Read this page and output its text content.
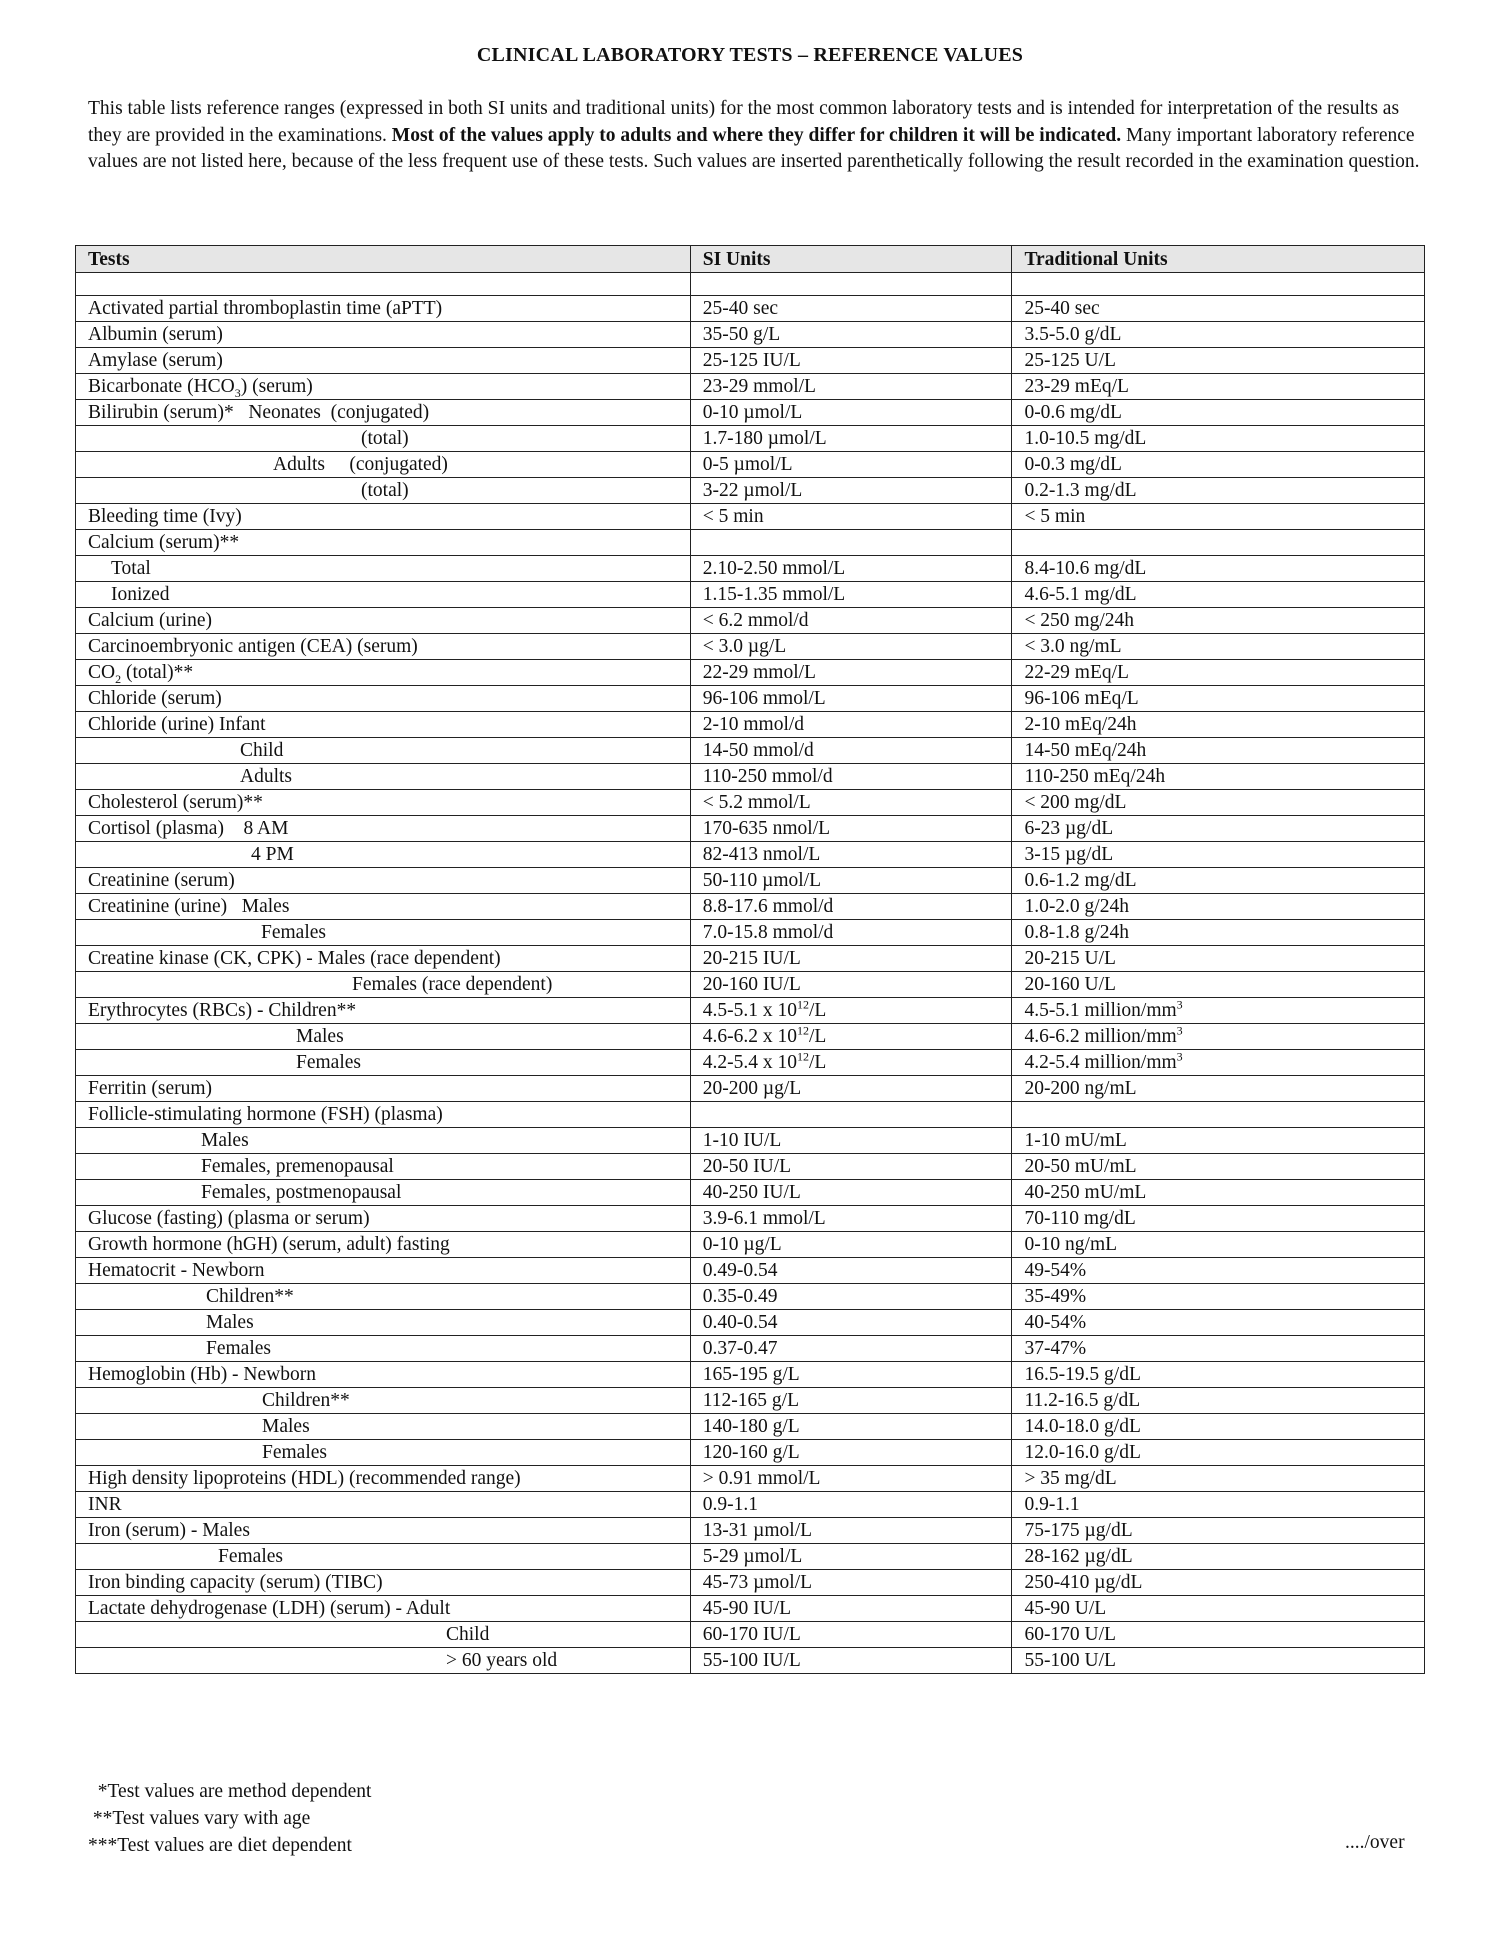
CLINICAL LABORATORY TESTS – REFERENCE VALUES
This table lists reference ranges (expressed in both SI units and traditional units) for the most common laboratory tests and is intended for interpretation of the results as they are provided in the examinations. Most of the values apply to adults and where they differ for children it will be indicated. Many important laboratory reference values are not listed here, because of the less frequent use of these tests. Such values are inserted parenthetically following the result recorded in the examination question.
Tests	SI Units	Traditional Units

Activated partial thromboplastin time (aPTT)	25-40 sec	25-40 sec
Albumin (serum)	35-50 g/L	3.5-5.0 g/dL
Amylase (serum)	25-125 IU/L	25-125 U/L
Bicarbonate $(HCO_3)$ (serum)	23-29 mmol/L	23-29 mEq/L
Bilirubin (serum)*   Neonates  (conjugated)	0-10 µmol/L	0-0.6 mg/dL
(total)	1.7-180 µmol/L	1.0-10.5 mg/dL
Adults     (conjugated)	0-5 µmol/L	0-0.3 mg/dL
(total)	3-22 µmol/L	0.2-1.3 mg/dL
Bleeding time (Ivy)	< 5 min	< 5 min
Calcium (serum)**		
Total	2.10-2.50 mmol/L	8.4-10.6 mg/dL
Ionized	1.15-1.35 mmol/L	4.6-5.1 mg/dL
Calcium (urine)	< 6.2 mmol/d	< 250 mg/24h
Carcinoembryonic antigen (CEA) (serum)	< 3.0 µg/L	< 3.0 ng/mL
$CO_2$ (total)**	22-29 mmol/L	22-29 mEq/L
Chloride (serum)	96-106 mmol/L	96-106 mEq/L
Chloride (urine) Infant	2-10 mmol/d	2-10 mEq/24h
Child	14-50 mmol/d	14-50 mEq/24h
Adults	110-250 mmol/d	110-250 mEq/24h
Cholesterol (serum)**	< 5.2 mmol/L	< 200 mg/dL
Cortisol (plasma)    8 AM	170-635 nmol/L	6-23 µg/dL
4 PM	82-413 nmol/L	3-15 µg/dL
Creatinine (serum)	50-110 µmol/L	0.6-1.2 mg/dL
Creatinine (urine)   Males	8.8-17.6 mmol/d	1.0-2.0 g/24h
Females	7.0-15.8 mmol/d	0.8-1.8 g/24h
Creatine kinase (CK, CPK) - Males (race dependent)	20-215 IU/L	20-215 U/L
Females (race dependent)	20-160 IU/L	20-160 U/L
Erythrocytes (RBCs) - Children**	4.5-5.1 x $10^{12}/L$	4.5-5.1 million/$mm^3$
Males	4.6-6.2 x $10^{12}/L$	4.6-6.2 million/$mm^3$
Females	4.2-5.4 x $10^{12}/L$	4.2-5.4 million/$mm^3$
Ferritin (serum)	20-200 µg/L	20-200 ng/mL
Follicle-stimulating hormone (FSH) (plasma)		
Males	1-10 IU/L	1-10 mU/mL
Females, premenopausal	20-50 IU/L	20-50 mU/mL
Females, postmenopausal	40-250 IU/L	40-250 mU/mL
Glucose (fasting) (plasma or serum)	3.9-6.1 mmol/L	70-110 mg/dL
Growth hormone (hGH) (serum, adult) fasting	0-10 µg/L	0-10 ng/mL
Hematocrit - Newborn	0.49-0.54	49-54%
Children**	0.35-0.49	35-49%
Males	0.40-0.54	40-54%
Females	0.37-0.47	37-47%
Hemoglobin (Hb) - Newborn	165-195 g/L	16.5-19.5 g/dL
Children**	112-165 g/L	11.2-16.5 g/dL
Males	140-180 g/L	14.0-18.0 g/dL
Females	120-160 g/L	12.0-16.0 g/dL
High density lipoproteins (HDL) (recommended range)	> 0.91 mmol/L	> 35 mg/dL
INR	0.9-1.1	0.9-1.1
Iron (serum) - Males	13-31 µmol/L	75-175 µg/dL
Females	5-29 µmol/L	28-162 µg/dL
Iron binding capacity (serum) (TIBC)	45-73 µmol/L	250-410 µg/dL
Lactate dehydrogenase (LDH) (serum) - Adult	45-90 IU/L	45-90 U/L
Child	60-170 IU/L	60-170 U/L
> 60 years old	55-100 IU/L	55-100 U/L
*Test values are method dependent
**Test values vary with age
***Test values are diet dependent	..../over
